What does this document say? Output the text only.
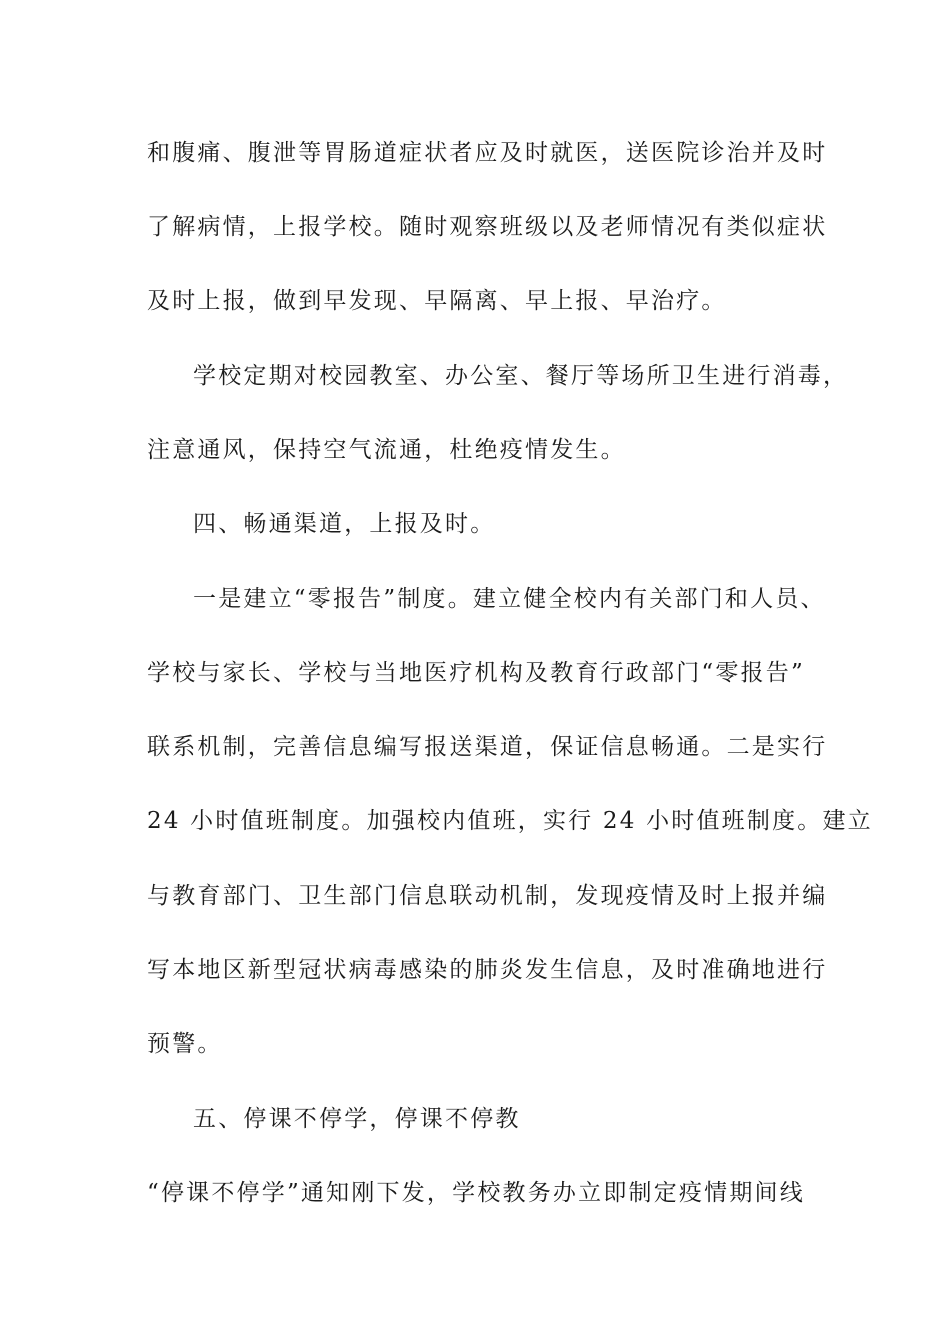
和腹痛、腹泄等胃肠道症状者应及时就医，送医院诊治并及时
了解病情，上报学校。随时观察班级以及老师情况有类似症状
及时上报，做到早发现、早隔离、早上报、早治疗。
学校定期对校园教室、办公室、餐厅等场所卫生进行消毒，
注意通风，保持空气流通，杜绝疫情发生。
四、畅通渠道，上报及时。
一是建立“零报告”制度。建立健全校内有关部门和人员、
学校与家长、学校与当地医疗机构及教育行政部门“零报告”
联系机制，完善信息编写报送渠道，保证信息畅通。二是实行
24 小时值班制度。加强校内值班，实行 24 小时值班制度。建立
与教育部门、卫生部门信息联动机制，发现疫情及时上报并编
写本地区新型冠状病毒感染的肺炎发生信息，及时准确地进行
预警。
五、停课不停学，停课不停教
“停课不停学”通知刚下发，学校教务办立即制定疫情期间线
